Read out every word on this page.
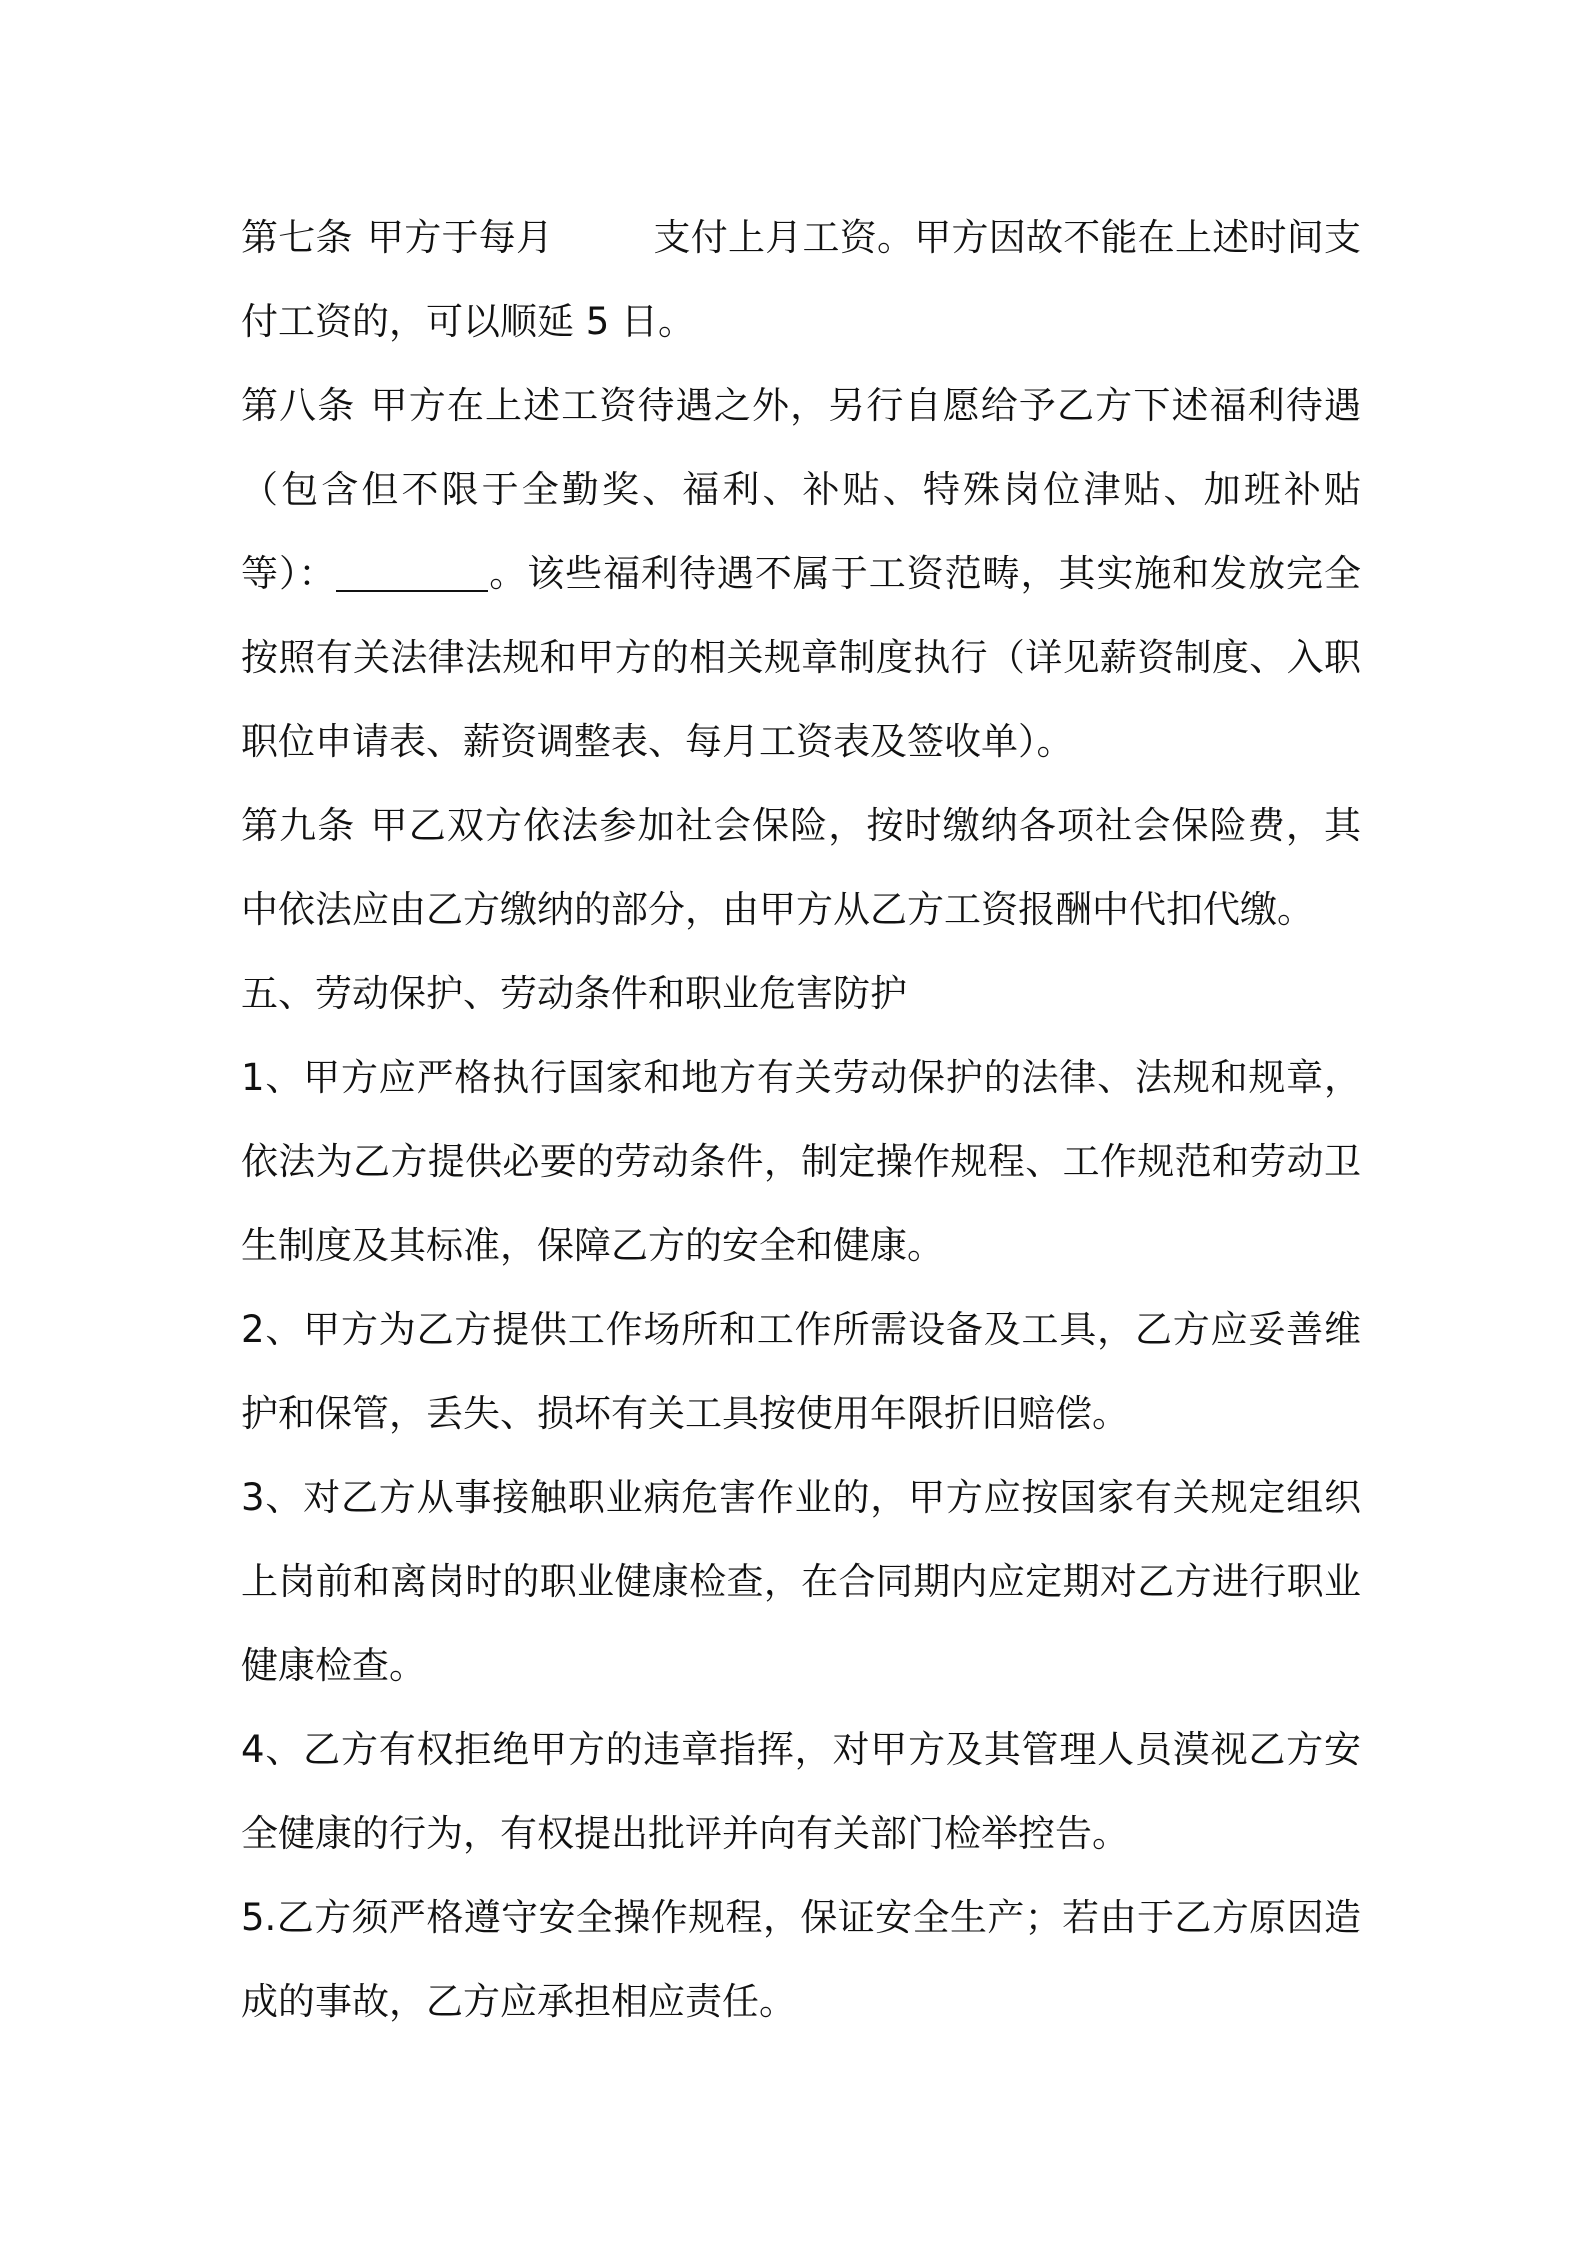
第七条 甲方于每月	支付上月工资。甲方因故不能在上述时间支付工资的，可以顺延 5 日。

第八条 甲方在上述工资待遇之外，另行自愿给予乙方下述福利待遇（包含但不限于全勤奖、福利、补贴、特殊岗位津贴、加班补贴等）：	。该些福利待遇不属于工资范畴，其实施和发放完全按照有关法律法规和甲方的相关规章制度执行（详见薪资制度、入职职位申请表、薪资调整表、每月工资表及签收单）。

第九条 甲乙双方依法参加社会保险，按时缴纳各项社会保险费，其中依法应由乙方缴纳的部分，由甲方从乙方工资报酬中代扣代缴。

五、劳动保护、劳动条件和职业危害防护

1、甲方应严格执行国家和地方有关劳动保护的法律、法规和规章，依法为乙方提供必要的劳动条件，制定操作规程、工作规范和劳动卫生制度及其标准，保障乙方的安全和健康。

2、甲方为乙方提供工作场所和工作所需设备及工具，乙方应妥善维护和保管，丢失、损坏有关工具按使用年限折旧赔偿。

3、对乙方从事接触职业病危害作业的，甲方应按国家有关规定组织上岗前和离岗时的职业健康检查，在合同期内应定期对乙方进行职业健康检查。

4、乙方有权拒绝甲方的违章指挥，对甲方及其管理人员漠视乙方安全健康的行为，有权提出批评并向有关部门检举控告。

5.乙方须严格遵守安全操作规程，保证安全生产；若由于乙方原因造成的事故，乙方应承担相应责任。
